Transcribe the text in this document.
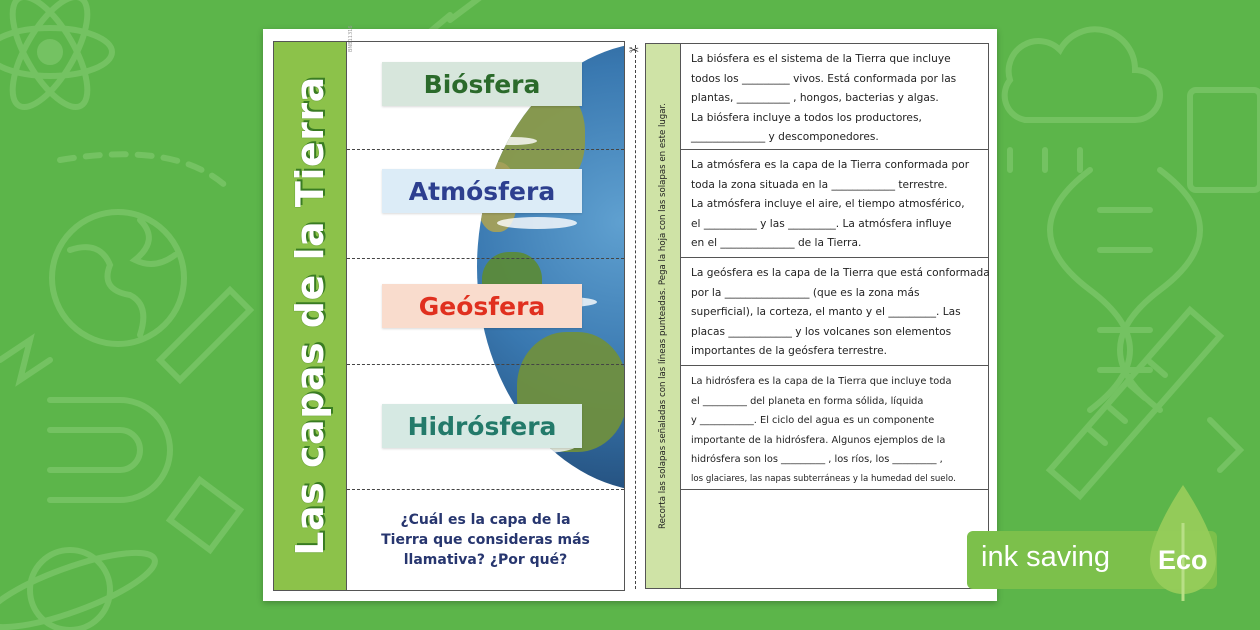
Las capas de la Tierra
BNB11316
Biósfera
Atmósfera
Geósfera
Hidrósfera
¿Cuál es la capa de la
Tierra que consideras más
llamativa? ¿Por qué?
✂
Recorta las solapas señaladas con las líneas punteadas. Pega la hoja con las solapas en este lugar.
La biósfera es el sistema de la Tierra que incluye
todos los _________ vivos. Está conformada por las
plantas, __________ , hongos, bacterias y algas.
La biósfera incluye a todos los productores,
______________ y descomponedores.
La atmósfera es la capa de la Tierra conformada por
toda la zona situada en la ____________ terrestre.
La atmósfera incluye el aire, el tiempo atmosférico,
el __________ y las _________. La atmósfera influye
en el ______________ de la Tierra.
La geósfera es la capa de la Tierra que está conformada
por la ________________ (que es la zona más
superficial), la corteza, el manto y el _________. Las
placas ____________ y los volcanes son elementos
importantes de la geósfera terrestre.
La hidrósfera es la capa de la Tierra que incluye toda
el _________ del planeta en forma sólida, líquida
y ___________. El ciclo del agua es un componente
importante de la hidrósfera. Algunos ejemplos de la
hidrósfera son los _________ , los ríos, los _________ ,
los glaciares, las napas subterráneas y la humedad del suelo.
ink saving Eco
